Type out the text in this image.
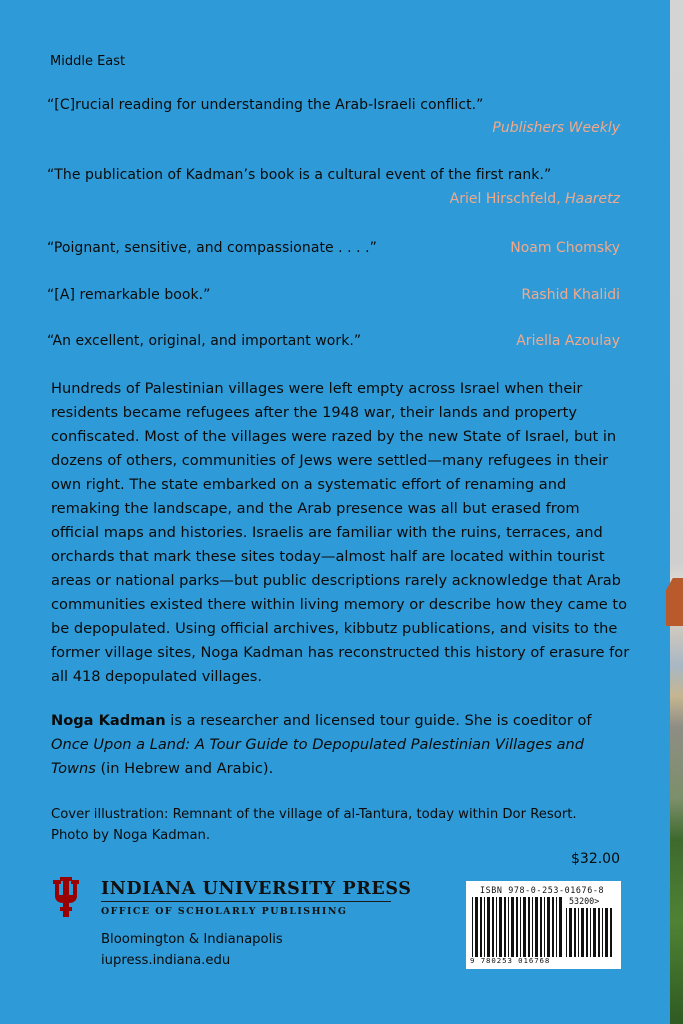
Middle East
“[C]rucial reading for understanding the Arab-Israeli conflict.”
Publishers Weekly
“The publication of Kadman’s book is a cultural event of the first rank.”
Ariel Hirschfeld, Haaretz
“Poignant, sensitive, and compassionate . . . .”	Noam Chomsky
“[A] remarkable book.”	Rashid Khalidi
“An excellent, original, and important work.”	Ariella Azoulay

Hundreds of Palestinian villages were left empty across Israel when their residents became refugees after the 1948 war, their lands and property confiscated. Most of the villages were razed by the new State of Israel, but in dozens of others, communities of Jews were settled—many refugees in their own right. The state embarked on a systematic effort of renaming and remaking the landscape, and the Arab presence was all but erased from official maps and histories. Israelis are familiar with the ruins, terraces, and orchards that mark these sites today—almost half are located within tourist areas or national parks—but public descriptions rarely acknowledge that Arab communities existed there within living memory or describe how they came to be depopulated. Using official archives, kibbutz publications, and visits to the former village sites, Noga Kadman has reconstructed this history of erasure for all 418 depopulated villages.

Noga Kadman is a researcher and licensed tour guide. She is coeditor of Once Upon a Land: A Tour Guide to Depopulated Palestinian Villages and Towns (in Hebrew and Arabic).

Cover illustration: Remnant of the village of al-Tantura, today within Dor Resort.
Photo by Noga Kadman.

$32.00
INDIANA UNIVERSITY PRESS
OFFICE OF SCHOLARLY PUBLISHING
Bloomington & Indianapolis
iupress.indiana.edu
ISBN 978-0-253-01676-8
53200>
9 780253 016768
